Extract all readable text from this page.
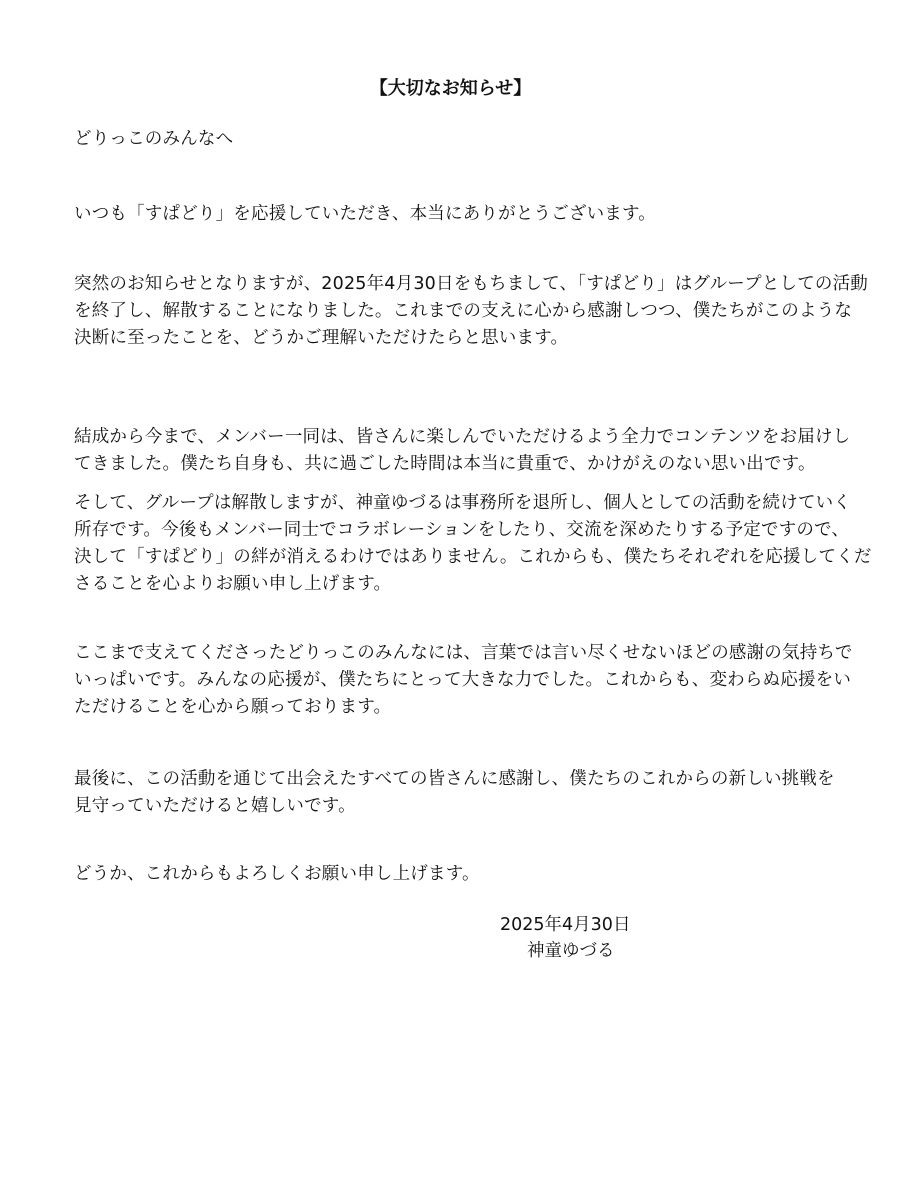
【大切なお知らせ】
どりっこのみんなへ
いつも「すぱどり」を応援していただき、本当にありがとうございます。
突然のお知らせとなりますが、2025年4月30日をもちまして、「すぱどり」はグループとしての活動
を終了し、解散することになりました。これまでの支えに心から感謝しつつ、僕たちがこのような
決断に至ったことを、どうかご理解いただけたらと思います。
結成から今まで、メンバー一同は、皆さんに楽しんでいただけるよう全力でコンテンツをお届けし
てきました。僕たち自身も、共に過ごした時間は本当に貴重で、かけがえのない思い出です。
そして、グループは解散しますが、神童ゆづるは事務所を退所し、個人としての活動を続けていく
所存です。今後もメンバー同士でコラボレーションをしたり、交流を深めたりする予定ですので、
決して「すぱどり」の絆が消えるわけではありません。これからも、僕たちそれぞれを応援してくだ
さることを心よりお願い申し上げます。
ここまで支えてくださったどりっこのみんなには、言葉では言い尽くせないほどの感謝の気持ちで
いっぱいです。みんなの応援が、僕たちにとって大きな力でした。これからも、変わらぬ応援をい
ただけることを心から願っております。
最後に、この活動を通じて出会えたすべての皆さんに感謝し、僕たちのこれからの新しい挑戦を
見守っていただけると嬉しいです。
どうか、これからもよろしくお願い申し上げます。
2025年4月30日
神童ゆづる
